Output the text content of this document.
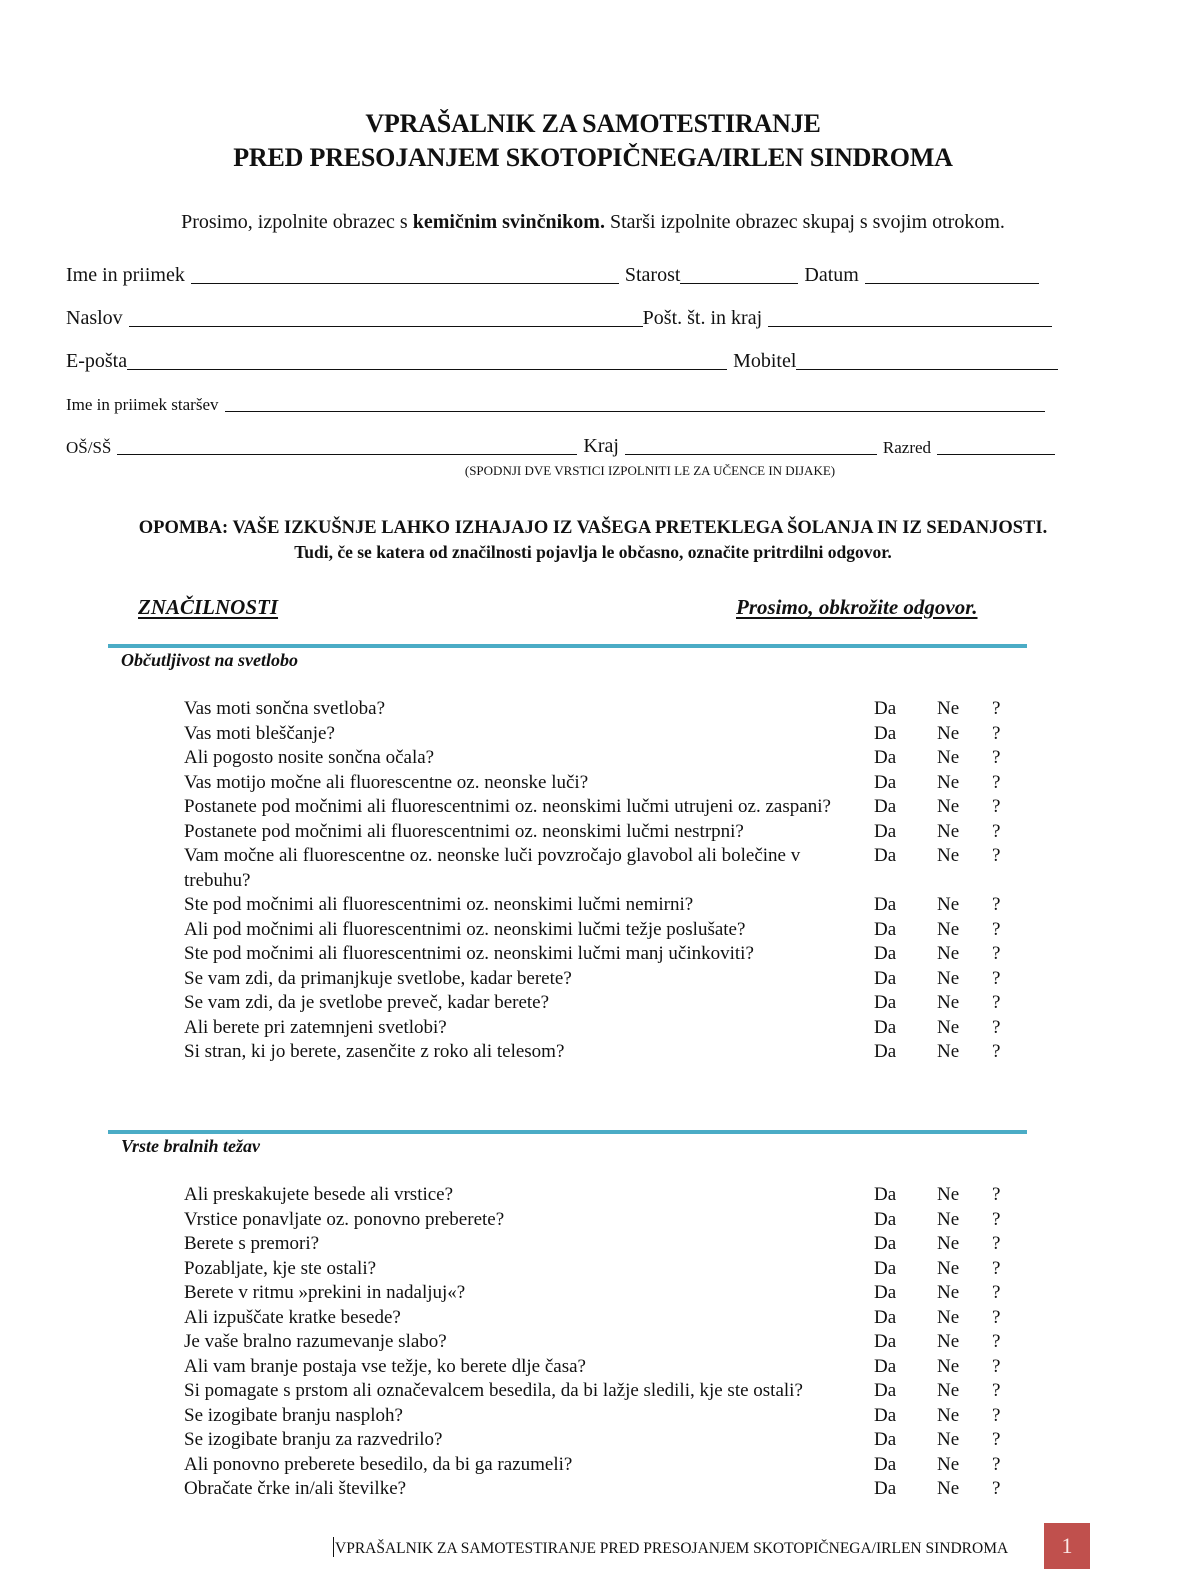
VPRAŠALNIK ZA SAMOTESTIRANJE
PRED PRESOJANJEM SKOTOPIČNEGA/IRLEN SINDROMA
Prosimo, izpolnite obrazec s kemičnim svinčnikom. Starši izpolnite obrazec skupaj s svojim otrokom.
Ime in priimek	Starost	Datum
Naslov	Pošt. št. in kraj
E-pošta	Mobitel
Ime in priimek staršev
OŠ/SŠ	Kraj	Razred
(SPODNJI DVE VRSTICI IZPOLNITI LE ZA UČENCE IN DIJAKE)
OPOMBA: VAŠE IZKUŠNJE LAHKO IZHAJAJO IZ VAŠEGA PRETEKLEGA ŠOLANJA IN IZ SEDANJOSTI.
Tudi, če se katera od značilnosti pojavlja le občasno, označite pritrdilni odgovor.
ZNAČILNOSTI	Prosimo, obkrožite odgovor.
Občutljivost na svetlobo
Vas moti sončna svetloba?	Da Ne ?
Vas moti bleščanje?	Da Ne ?
Ali pogosto nosite sončna očala?	Da Ne ?
Vas motijo močne ali fluorescentne oz. neonske luči?	Da Ne ?
Postanete pod močnimi ali fluorescentnimi oz. neonskimi lučmi utrujeni oz. zaspani?	Da Ne ?
Postanete pod močnimi ali fluorescentnimi oz. neonskimi lučmi nestrpni?	Da Ne ?
Vam močne ali fluorescentne oz. neonske luči povzročajo glavobol ali bolečine v trebuhu?
Da Ne ?
Ste pod močnimi ali fluorescentnimi oz. neonskimi lučmi nemirni?	Da Ne ?
Ali pod močnimi ali fluorescentnimi oz. neonskimi lučmi težje poslušate?	Da Ne ?
Ste pod močnimi ali fluorescentnimi oz. neonskimi lučmi manj učinkoviti?	Da Ne ?
Se vam zdi, da primanjkuje svetlobe, kadar berete?	Da Ne ?
Se vam zdi, da je svetlobe preveč, kadar berete?	Da Ne ?
Ali berete pri zatemnjeni svetlobi?	Da Ne ?
Si stran, ki jo berete, zasenčite z roko ali telesom?	Da Ne ?
Vrste bralnih težav
Ali preskakujete besede ali vrstice?	Da Ne ?
Vrstice ponavljate oz. ponovno preberete?	Da Ne ?
Berete s premori?	Da Ne ?
Pozabljate, kje ste ostali?	Da Ne ?
Berete v ritmu »prekini in nadaljuj«?	Da Ne ?
Ali izpuščate kratke besede?	Da Ne ?
Je vaše bralno razumevanje slabo?	Da Ne ?
Ali vam branje postaja vse težje, ko berete dlje časa?	Da Ne ?
Si pomagate s prstom ali označevalcem besedila, da bi lažje sledili, kje ste ostali?	Da Ne ?
Se izogibate branju nasploh?	Da Ne ?
Se izogibate branju za razvedrilo?	Da Ne ?
Ali ponovno preberete besedilo, da bi ga razumeli?	Da Ne ?
Obračate črke in/ali številke?	Da Ne ?
VPRAŠALNIK ZA SAMOTESTIRANJE PRED PRESOJANJEM SKOTOPIČNEGA/IRLEN SINDROMA	1
